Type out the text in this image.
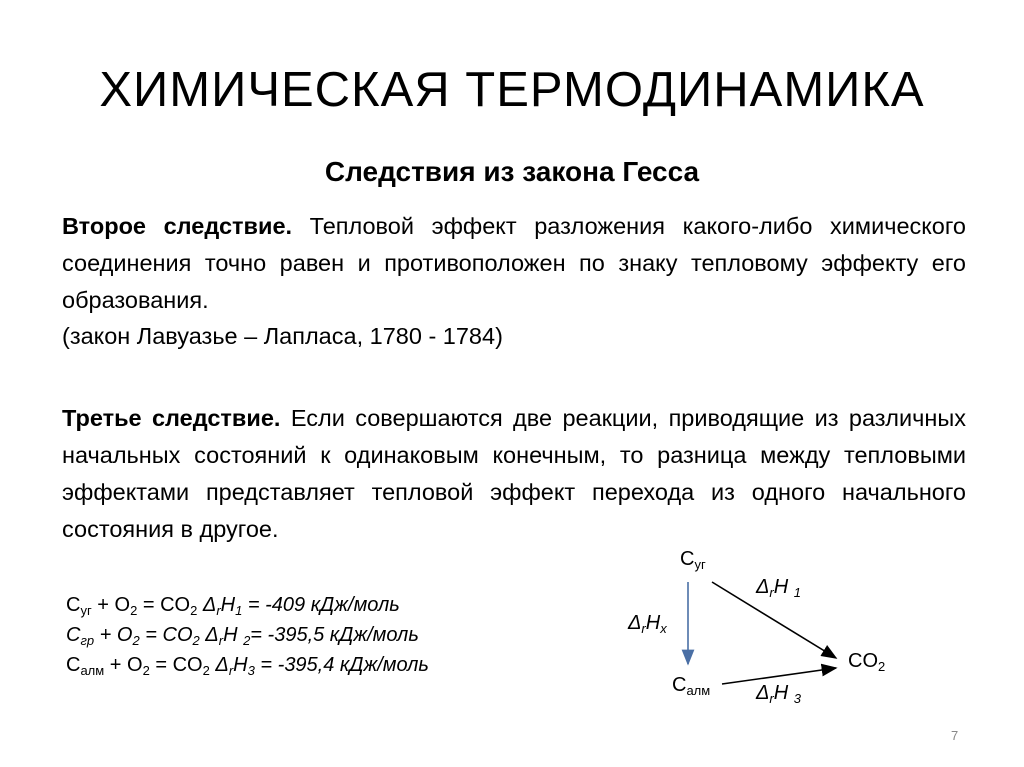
ХИМИЧЕСКАЯ ТЕРМОДИНАМИКА
Следствия из закона Гесса
Второе следствие. Тепловой эффект разложения какого-либо химического соединения точно равен и противоположен по знаку тепловому эффекту его образования.
(закон Лавуазье – Лапласа, 1780 - 1784)
Третье следствие. Если совершаются две реакции, приводящие из различных начальных состояний к одинаковым конечным, то разница между тепловыми эффектами представляет тепловой эффект перехода из одного начального состояния в другое.
$C_{уг} + O_2 = CO_2$ $\Delta_rH_1 = -409$ кДж/моль
$C_{гр} + O_2 = CO_2$ $\Delta_rH$ $_2$= -395,5 кДж/моль
$C_{алм} + O_2 = CO_2$ $\Delta_rH_3 = -395,4$ кДж/моль
$C_{уг}$
$C_{алм}$
$CO_2$
$\Delta_rH$ $_1$
$\Delta_rH_x$
$\Delta_rH$ $_3$
7
